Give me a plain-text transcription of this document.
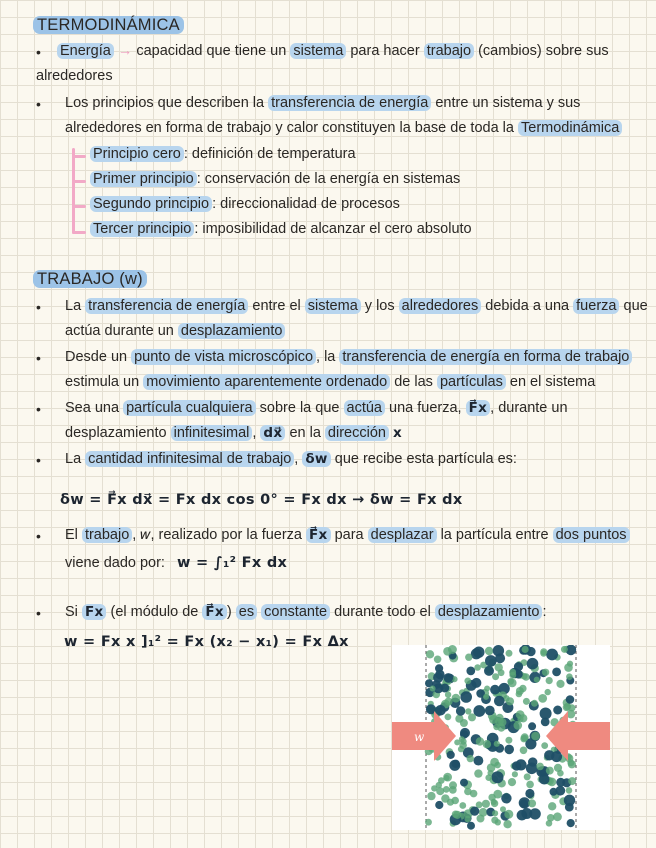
TERMODINÁMICA
• Energía → capacidad que tiene un sistema para hacer trabajo (cambios) sobre sus
alrededores
• Los principios que describen la transferencia de energía entre un sistema y sus
alrededores en forma de trabajo y calor constituyen la base de toda la Termodinámica
Principio cero : definición de temperatura
Primer principio : conservación de la energía en sistemas
Segundo principio : direccionalidad de procesos
Tercer principio : imposibilidad de alcanzar el cero absoluto
TRABAJO (w)
• La transferencia de energía entre el sistema y los alrededores debida a una fuerza que
actúa durante un desplazamiento
• Desde un punto de vista microscópico , la transferencia de energía en forma de trabajo
estimula un movimiento aparentemente ordenado de las partículas en el sistema
• Sea una partícula cualquiera sobre la que actúa una fuerza, F⃗x , durante un
desplazamiento infinitesimal , dx⃗ en la dirección x
• La cantidad infinitesimal de trabajo , δw que recibe esta partícula es:
δw = F⃗x dx⃗ = Fx dx cos 0° = Fx dx → δw = Fx dx
• El trabajo , 𝑤, realizado por la fuerza F⃗x para desplazar la partícula entre dos puntos
viene dado por: w = ∫₁² Fx dx
• Si Fx (el módulo de F⃗x ) es constante durante todo el desplazamiento :
w = Fx x ]₁² = Fx (x₂ − x₁) = Fx Δx
w
